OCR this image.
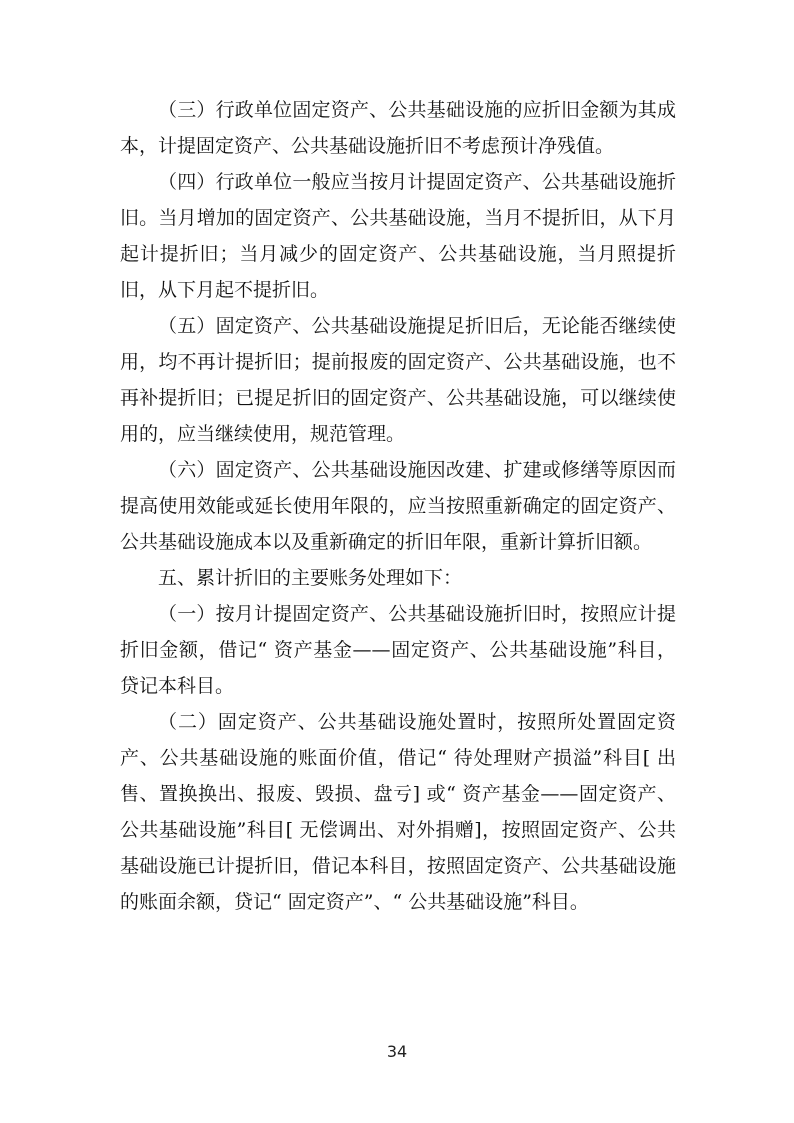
（三）行政单位固定资产、公共基础设施的应折旧金额为其成本，计提固定资产、公共基础设施折旧不考虑预计净残值。

（四）行政单位一般应当按月计提固定资产、公共基础设施折旧。当月增加的固定资产、公共基础设施，当月不提折旧，从下月起计提折旧；当月减少的固定资产、公共基础设施，当月照提折旧，从下月起不提折旧。

（五）固定资产、公共基础设施提足折旧后，无论能否继续使用，均不再计提折旧；提前报废的固定资产、公共基础设施，也不再补提折旧；已提足折旧的固定资产、公共基础设施，可以继续使用的，应当继续使用，规范管理。

（六）固定资产、公共基础设施因改建、扩建或修缮等原因而提高使用效能或延长使用年限的，应当按照重新确定的固定资产、公共基础设施成本以及重新确定的折旧年限，重新计算折旧额。

五、累计折旧的主要账务处理如下：

（一）按月计提固定资产、公共基础设施折旧时，按照应计提折旧金额，借记“ 资产基金——固定资产、公共基础设施”科目，贷记本科目。

（二）固定资产、公共基础设施处置时，按照所处置固定资产、公共基础设施的账面价值，借记“ 待处理财产损溢”科目[ 出售、置换换出、报废、毁损、盘亏] 或“ 资产基金——固定资产、公共基础设施”科目[ 无偿调出、对外捐赠]，按照固定资产、公共基础设施已计提折旧，借记本科目，按照固定资产、公共基础设施的账面余额，贷记“ 固定资产”、“ 公共基础设施”科目。

34
